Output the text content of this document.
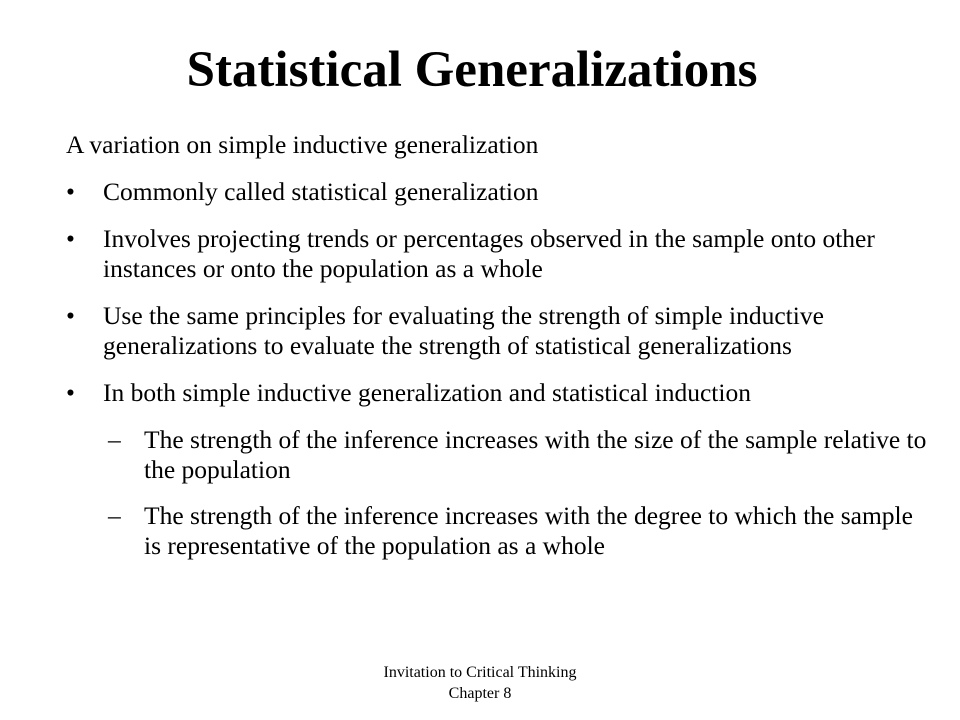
Statistical Generalizations

A variation on simple inductive generalization

• Commonly called statistical generalization
• Involves projecting trends or percentages observed in the sample onto other instances or onto the population as a whole
• Use the same principles for evaluating the strength of simple inductive generalizations to evaluate the strength of statistical generalizations
• In both simple inductive generalization and statistical induction
– The strength of the inference increases with the size of the sample relative to the population
– The strength of the inference increases with the degree to which the sample is representative of the population as a whole
Invitation to Critical Thinking
Chapter 8
